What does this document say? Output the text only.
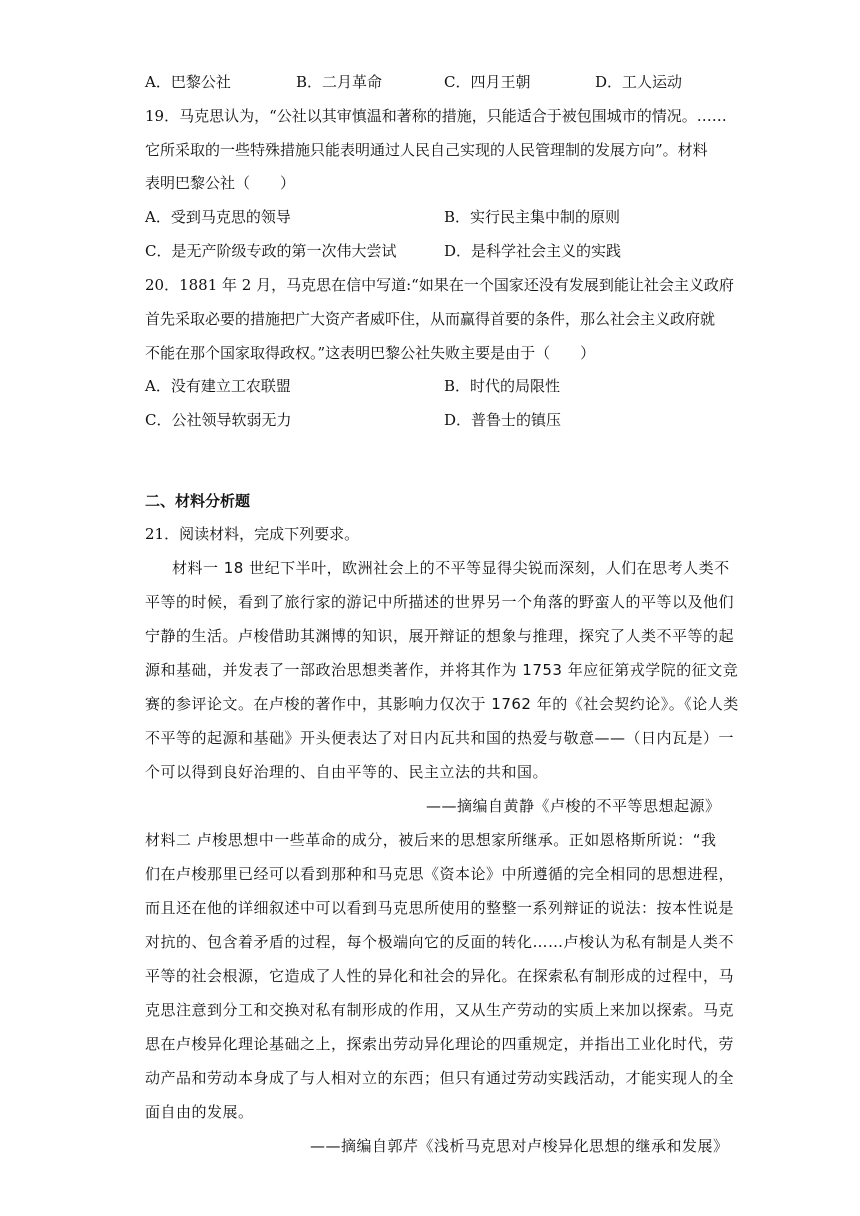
A．巴黎公社	B．二月革命	C．四月王朝	D．工人运动
19．马克思认为，“公社以其审慎温和著称的措施，只能适合于被包围城市的情况。……
它所采取的一些特殊措施只能表明通过人民自己实现的人民管理制的发展方向”。材料
表明巴黎公社（　　）
A．受到马克思的领导	B．实行民主集中制的原则
C．是无产阶级专政的第一次伟大尝试	D．是科学社会主义的实践
20．1881 年 2 月，马克思在信中写道:“如果在一个国家还没有发展到能让社会主义政府
首先采取必要的措施把广大资产者威吓住，从而赢得首要的条件，那么社会主义政府就
不能在那个国家取得政权。”这表明巴黎公社失败主要是由于（　　）
A．没有建立工农联盟	B．时代的局限性
C．公社领导软弱无力	D．普鲁士的镇压
二、材料分析题
21．阅读材料，完成下列要求。
材料一 18 世纪下半叶，欧洲社会上的不平等显得尖锐而深刻，人们在思考人类不
平等的时候，看到了旅行家的游记中所描述的世界另一个角落的野蛮人的平等以及他们
宁静的生活。卢梭借助其渊博的知识，展开辩证的想象与推理，探究了人类不平等的起
源和基础，并发表了一部政治思想类著作，并将其作为 1753 年应征第戎学院的征文竞
赛的参评论文。在卢梭的著作中，其影响力仅次于 1762 年的《社会契约论》。《论人类
不平等的起源和基础》开头便表达了对日内瓦共和国的热爱与敬意——（日内瓦是）一
个可以得到良好治理的、自由平等的、民主立法的共和国。
——摘编自黄静《卢梭的不平等思想起源》
材料二 卢梭思想中一些革命的成分，被后来的思想家所继承。正如恩格斯所说：“我
们在卢梭那里已经可以看到那种和马克思《资本论》中所遵循的完全相同的思想进程，
而且还在他的详细叙述中可以看到马克思所使用的整整一系列辩证的说法：按本性说是
对抗的、包含着矛盾的过程，每个极端向它的反面的转化……卢梭认为私有制是人类不
平等的社会根源，它造成了人性的异化和社会的异化。在探索私有制形成的过程中，马
克思注意到分工和交换对私有制形成的作用，又从生产劳动的实质上来加以探索。马克
思在卢梭异化理论基础之上，探索出劳动异化理论的四重规定，并指出工业化时代，劳
动产品和劳动本身成了与人相对立的东西；但只有通过劳动实践活动，才能实现人的全
面自由的发展。
——摘编自郭芹《浅析马克思对卢梭异化思想的继承和发展》
